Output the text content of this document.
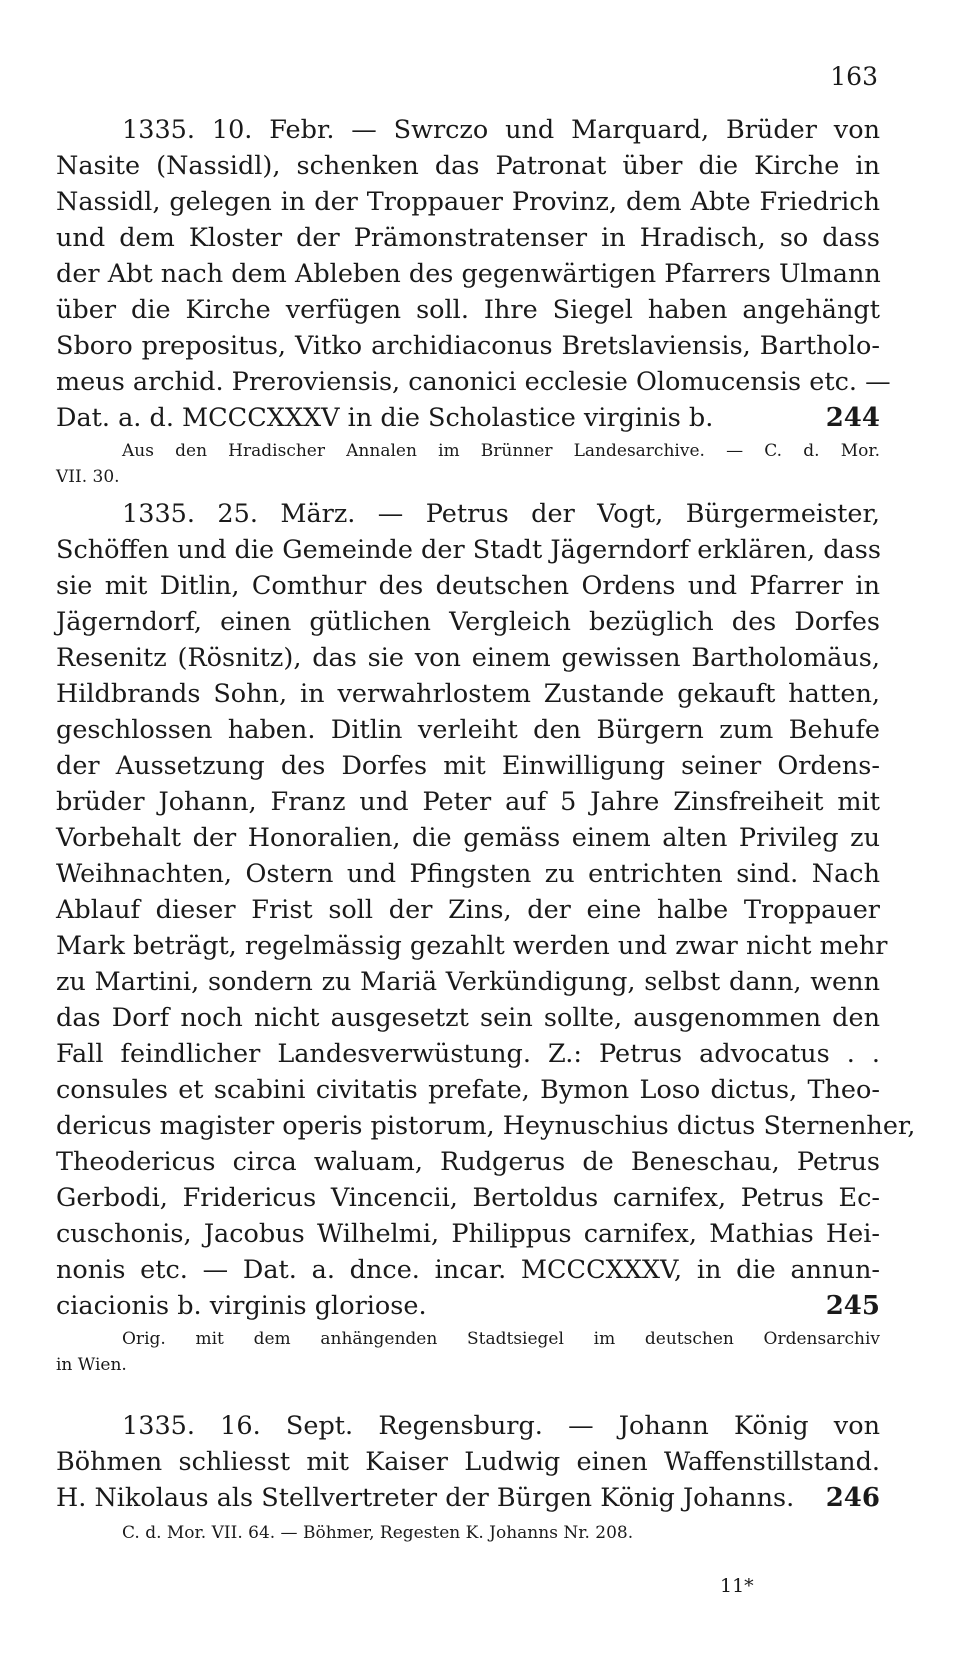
163
1335. 10. Febr. — Swrczo und Marquard, Brüder von
Nasite (Nassidl), schenken das Patronat über die Kirche in
Nassidl, gelegen in der Troppauer Provinz, dem Abte Friedrich
und dem Kloster der Prämonstratenser in Hradisch, so dass
der Abt nach dem Ableben des gegenwärtigen Pfarrers Ulmann
über die Kirche verfügen soll. Ihre Siegel haben angehängt
Sboro prepositus, Vitko archidiaconus Bretslaviensis, Bartholo-
meus archid. Preroviensis, canonici ecclesie Olomucensis etc. —
Dat. a. d. MCCCXXXV in die Scholastice virginis b.	244
Aus den Hradischer Annalen im Brünner Landesarchive. — C. d. Mor.
VII. 30.
1335. 25. März. — Petrus der Vogt, Bürgermeister,
Schöffen und die Gemeinde der Stadt Jägerndorf erklären, dass
sie mit Ditlin, Comthur des deutschen Ordens und Pfarrer in
Jägerndorf, einen gütlichen Vergleich bezüglich des Dorfes
Resenitz (Rösnitz), das sie von einem gewissen Bartholomäus,
Hildbrands Sohn, in verwahrlostem Zustande gekauft hatten,
geschlossen haben. Ditlin verleiht den Bürgern zum Behufe
der Aussetzung des Dorfes mit Einwilligung seiner Ordens-
brüder Johann, Franz und Peter auf 5 Jahre Zinsfreiheit mit
Vorbehalt der Honoralien, die gemäss einem alten Privileg zu
Weihnachten, Ostern und Pfingsten zu entrichten sind. Nach
Ablauf dieser Frist soll der Zins, der eine halbe Troppauer
Mark beträgt, regelmässig gezahlt werden und zwar nicht mehr
zu Martini, sondern zu Mariä Verkündigung, selbst dann, wenn
das Dorf noch nicht ausgesetzt sein sollte, ausgenommen den
Fall feindlicher Landesverwüstung. Z.: Petrus advocatus . .
consules et scabini civitatis prefate, Bymon Loso dictus, Theo-
dericus magister operis pistorum, Heynuschius dictus Sternenher,
Theodericus circa waluam, Rudgerus de Beneschau, Petrus
Gerbodi, Fridericus Vincencii, Bertoldus carnifex, Petrus Ec-
cuschonis, Jacobus Wilhelmi, Philippus carnifex, Mathias Hei-
nonis etc. — Dat. a. dnce. incar. MCCCXXXV, in die annun-
ciacionis b. virginis gloriose.	245
Orig. mit dem anhängenden Stadtsiegel im deutschen Ordensarchiv
in Wien.
1335. 16. Sept. Regensburg. — Johann König von
Böhmen schliesst mit Kaiser Ludwig einen Waffenstillstand.
H. Nikolaus als Stellvertreter der Bürgen König Johanns. 246
C. d. Mor. VII. 64. — Böhmer, Regesten K. Johanns Nr. 208.
11*
